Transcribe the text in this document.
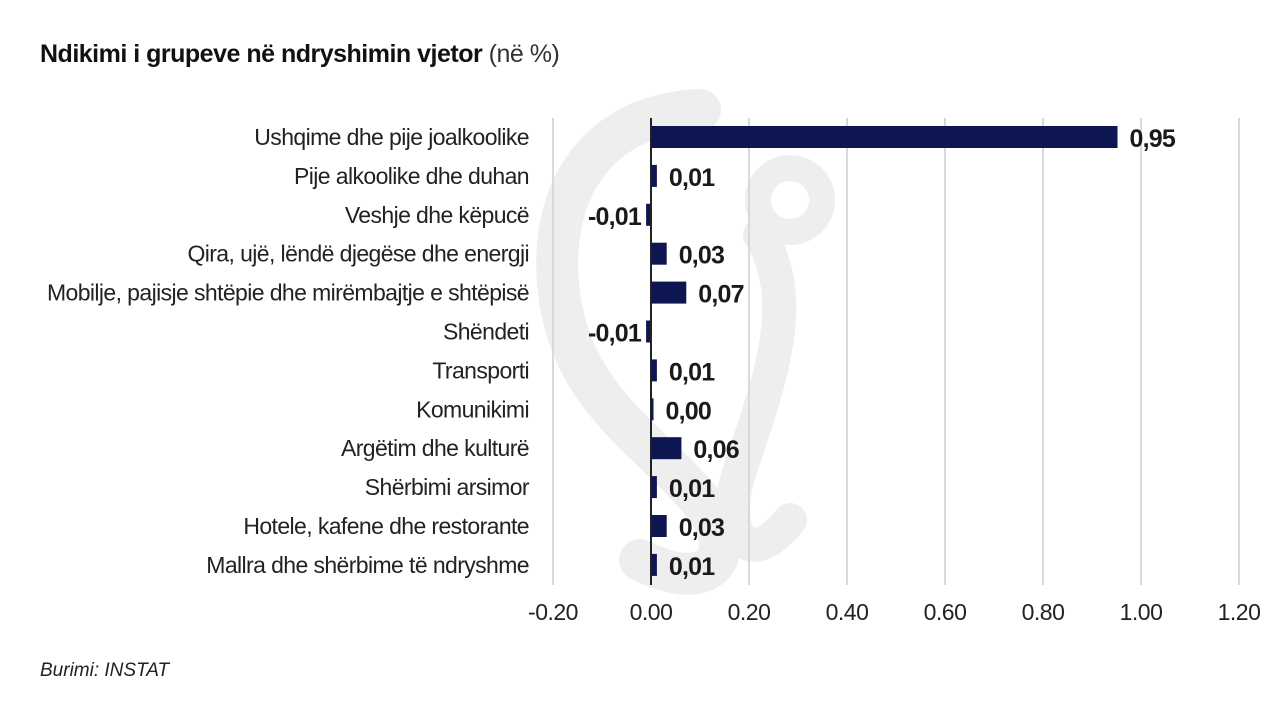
Ndikimi i grupeve në ndryshimin vjetor (në %)
Ushqime dhe pije joalkoolike
Pije alkoolike dhe duhan
Veshje dhe këpucë
Qira, ujë, lëndë djegëse dhe energji
Mobilje, pajisje shtëpie dhe mirëmbajtje e shtëpisë
Shëndeti
Transporti
Komunikimi
Argëtim dhe kulturë
Shërbimi arsimor
Hotele, kafene dhe restorante
Mallra dhe shërbime të ndryshme
0,95
0,01
-0,01
0,03
0,07
-0,01
0,01
0,00
0,06
0,01
0,03
0,01
-0.20 0.00 0.20 0.40 0.60 0.80 1.00 1.20
Burimi: INSTAT
